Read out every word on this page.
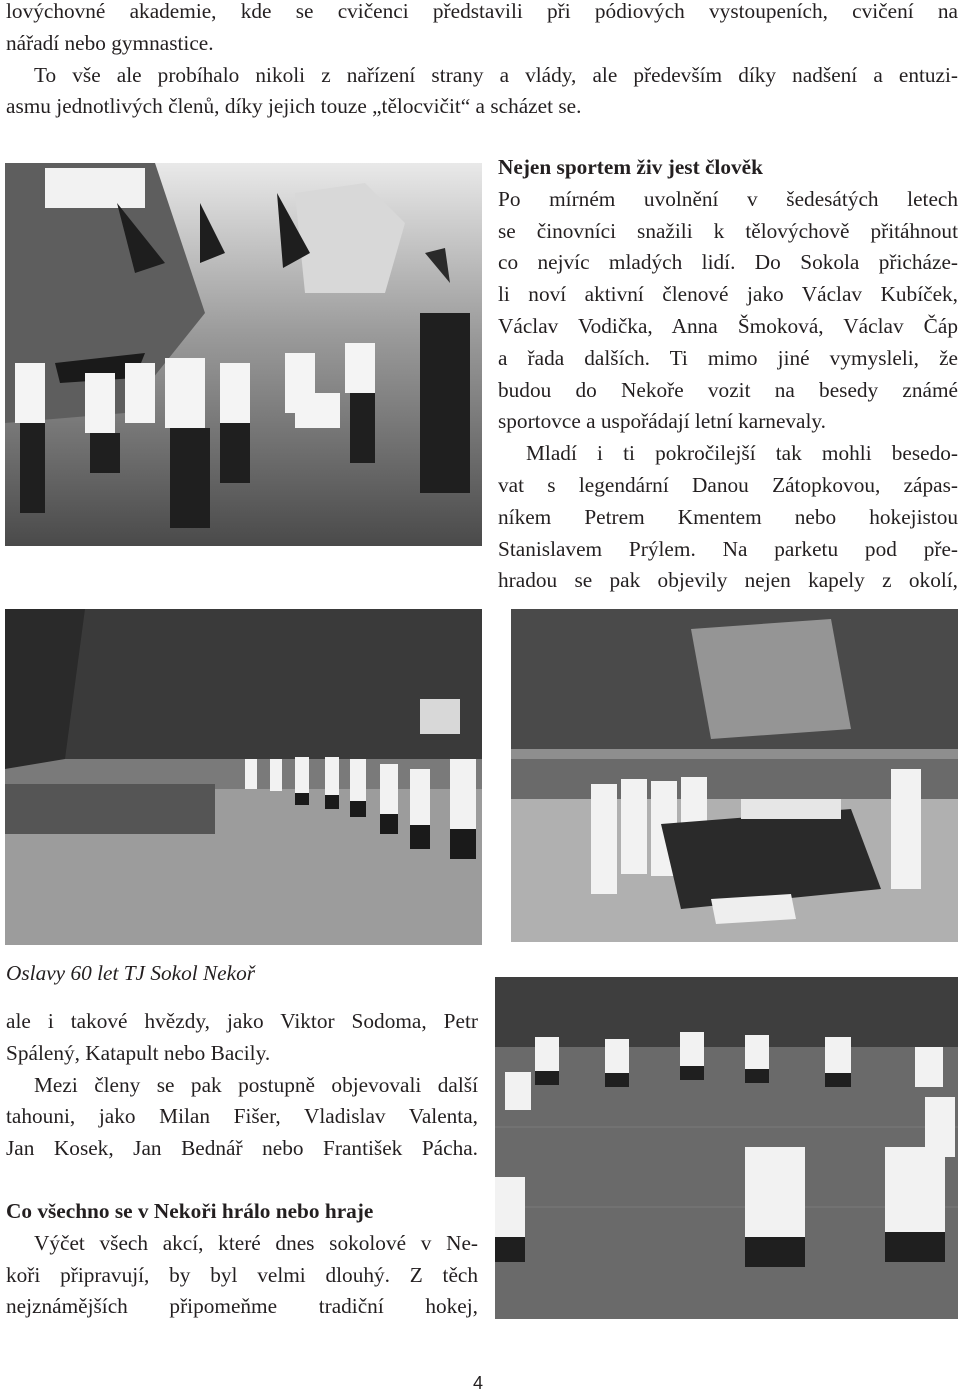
lovýchovné akademie, kde se cvičenci představili při pódiových vystoupeních, cvičení na
nářadí nebo gymnastice.
To vše ale probíhalo nikoli z nařízení strany a vlády, ale především díky nadšení a entuzi-
asmu jednotlivých členů, díky jejich touze „tělocvičit“ a scházet se.
Nejen sportem živ jest člověk
Po mírném uvolnění v šedesátých letech
se činovníci snažili k tělovýchově přitáhnout
co nejvíc mladých lidí. Do Sokola přicháze-
li noví aktivní členové jako Václav Kubíček,
Václav Vodička, Anna Šmoková, Václav Čáp
a řada dalších. Ti mimo jiné vymysleli, že
budou do Nekoře vozit na besedy známé
sportovce a uspořádají letní karnevaly.
Mladí i ti pokročilejší tak mohli besedo-
vat s legendární Danou Zátopkovou, zápas-
níkem Petrem Kmentem nebo hokejistou
Stanislavem Prýlem. Na parketu pod pře-
hradou se pak objevily nejen kapely z okolí,
Oslavy 60 let TJ Sokol Nekoř
ale i takové hvězdy, jako Viktor Sodoma, Petr
Spálený, Katapult nebo Bacily.
Mezi členy se pak postupně objevovali další
tahouni, jako Milan Fišer, Vladislav Valenta,
Jan Kosek, Jan Bednář nebo František Pácha.
Co všechno se v Nekoři hrálo nebo hraje
Výčet všech akcí, které dnes sokolové v Ne-
koři připravují, by byl velmi dlouhý. Z těch
nejznámějších připomeňme tradiční hokej,
4
